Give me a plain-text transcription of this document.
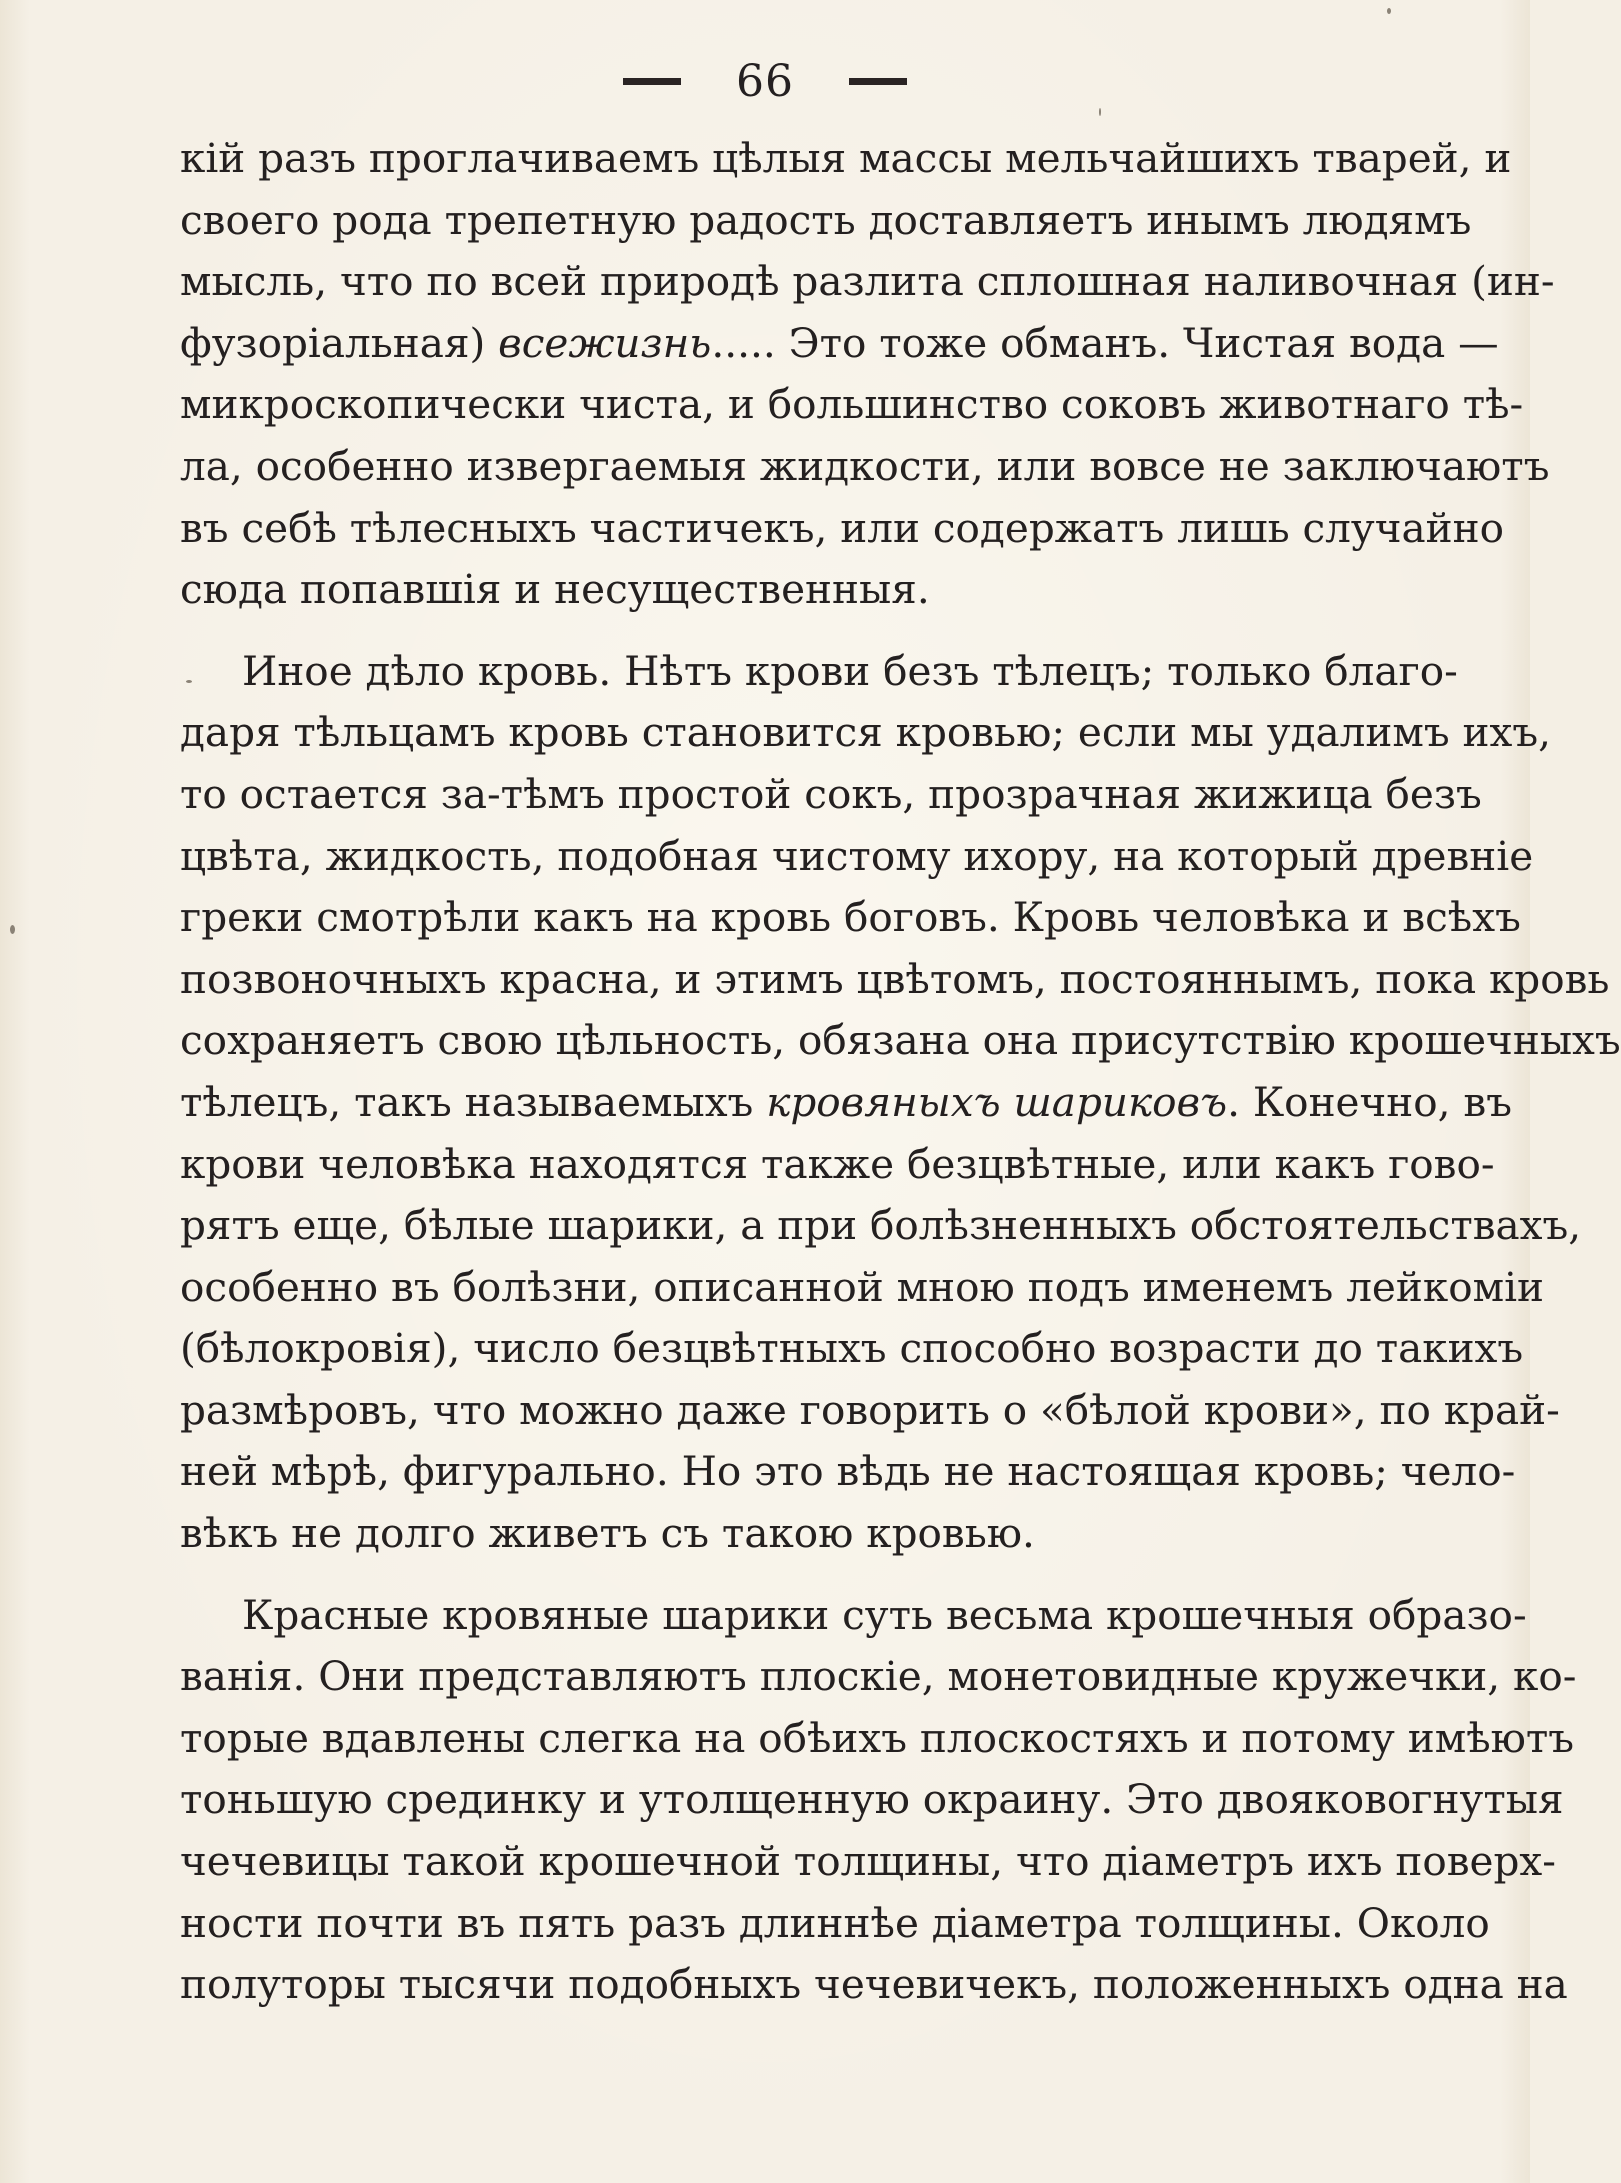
66
кій разъ проглачиваемъ цѣлыя массы мельчайшихъ тварей, и
своего рода трепетную радость доставляетъ инымъ людямъ
мысль, что по всей природѣ разлита сплошная наливочная (ин-
фузоріальная) всежизнь..... Это тоже обманъ. Чистая вода —
микроскопически чиста, и большинство соковъ животнаго тѣ-
ла, особенно извергаемыя жидкости, или вовсе не заключаютъ
въ себѣ тѣлесныхъ частичекъ, или содержатъ лишь случайно
сюда попавшія и несущественныя.
Иное дѣло кровь. Нѣтъ крови безъ тѣлецъ; только благо-
даря тѣльцамъ кровь становится кровью; если мы удалимъ ихъ,
то остается за-тѣмъ простой сокъ, прозрачная жижица безъ
цвѣта, жидкость, подобная чистому ихору, на который древніе
греки смотрѣли какъ на кровь боговъ. Кровь человѣка и всѣхъ
позвоночныхъ красна, и этимъ цвѣтомъ, постояннымъ, пока кровь
сохраняетъ свою цѣльность, обязана она присутствію крошечныхъ
тѣлецъ, такъ называемыхъ кровяныхъ шариковъ. Конечно, въ
крови человѣка находятся также безцвѣтные, или какъ гово-
рятъ еще, бѣлые шарики, а при болѣзненныхъ обстоятельствахъ,
особенно въ болѣзни, описанной мною подъ именемъ лейкоміи
(бѣлокровія), число безцвѣтныхъ способно возрасти до такихъ
размѣровъ, что можно даже говорить о «бѣлой крови», по край-
ней мѣрѣ, фигурально. Но это вѣдь не настоящая кровь; чело-
вѣкъ не долго живетъ съ такою кровью.
Красные кровяные шарики суть весьма крошечныя образо-
ванія. Они представляютъ плоскіе, монетовидные кружечки, ко-
торые вдавлены слегка на обѣихъ плоскостяхъ и потому имѣютъ
тоньшую срединку и утолщенную окраину. Это двояковогнутыя
чечевицы такой крошечной толщины, что діаметръ ихъ поверх-
ности почти въ пять разъ длиннѣе діаметра толщины. Около
полуторы тысячи подобныхъ чечевичекъ, положенныхъ одна на
